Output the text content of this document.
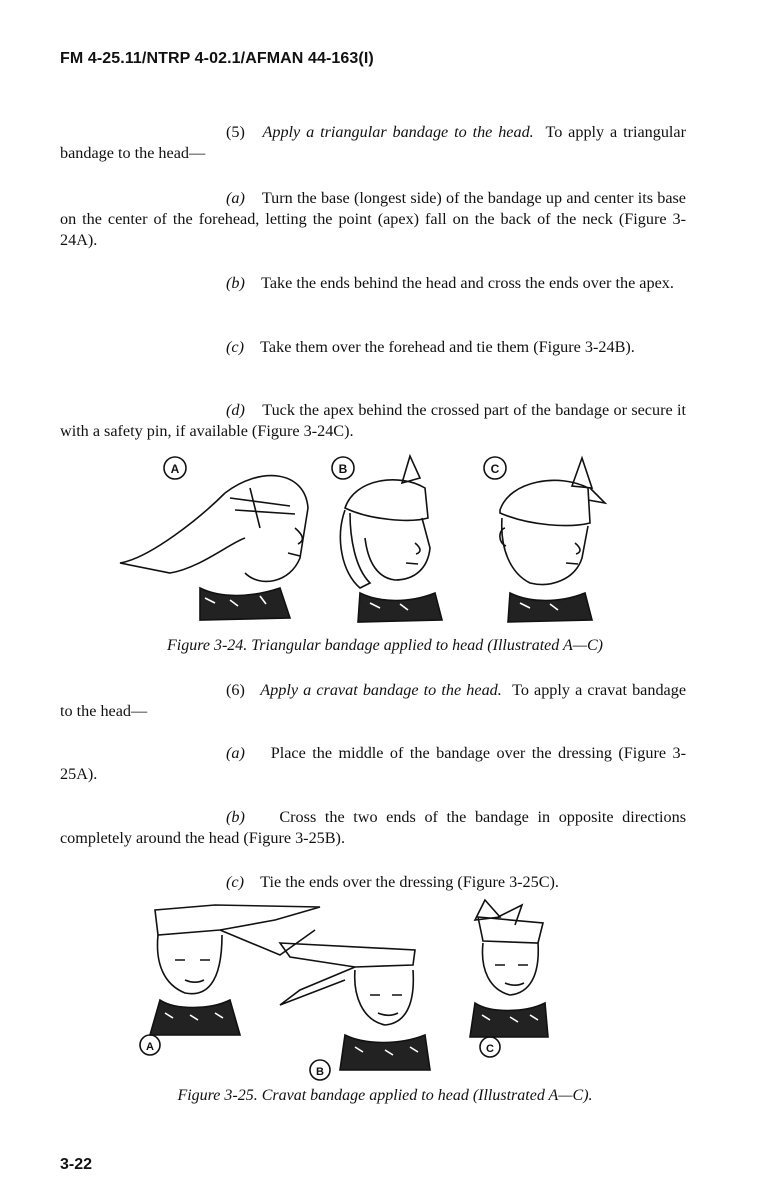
FM 4-25.11/NTRP 4-02.1/AFMAN 44-163(I)
(5) Apply a triangular bandage to the head. To apply a triangular bandage to the head—
(a) Turn the base (longest side) of the bandage up and center its base on the center of the forehead, letting the point (apex) fall on the back of the neck (Figure 3-24A).
(b) Take the ends behind the head and cross the ends over the apex.
(c) Take them over the forehead and tie them (Figure 3-24B).
(d) Tuck the apex behind the crossed part of the bandage or secure it with a safety pin, if available (Figure 3-24C).
A	B	C
Figure 3-24. Triangular bandage applied to head (Illustrated A—C)
(6) Apply a cravat bandage to the head. To apply a cravat bandage to the head—
(a) Place the middle of the bandage over the dressing (Figure 3-25A).
(b) Cross the two ends of the bandage in opposite directions completely around the head (Figure 3-25B).
(c) Tie the ends over the dressing (Figure 3-25C).
A
B
C
Figure 3-25. Cravat bandage applied to head (Illustrated A—C).
3-22
